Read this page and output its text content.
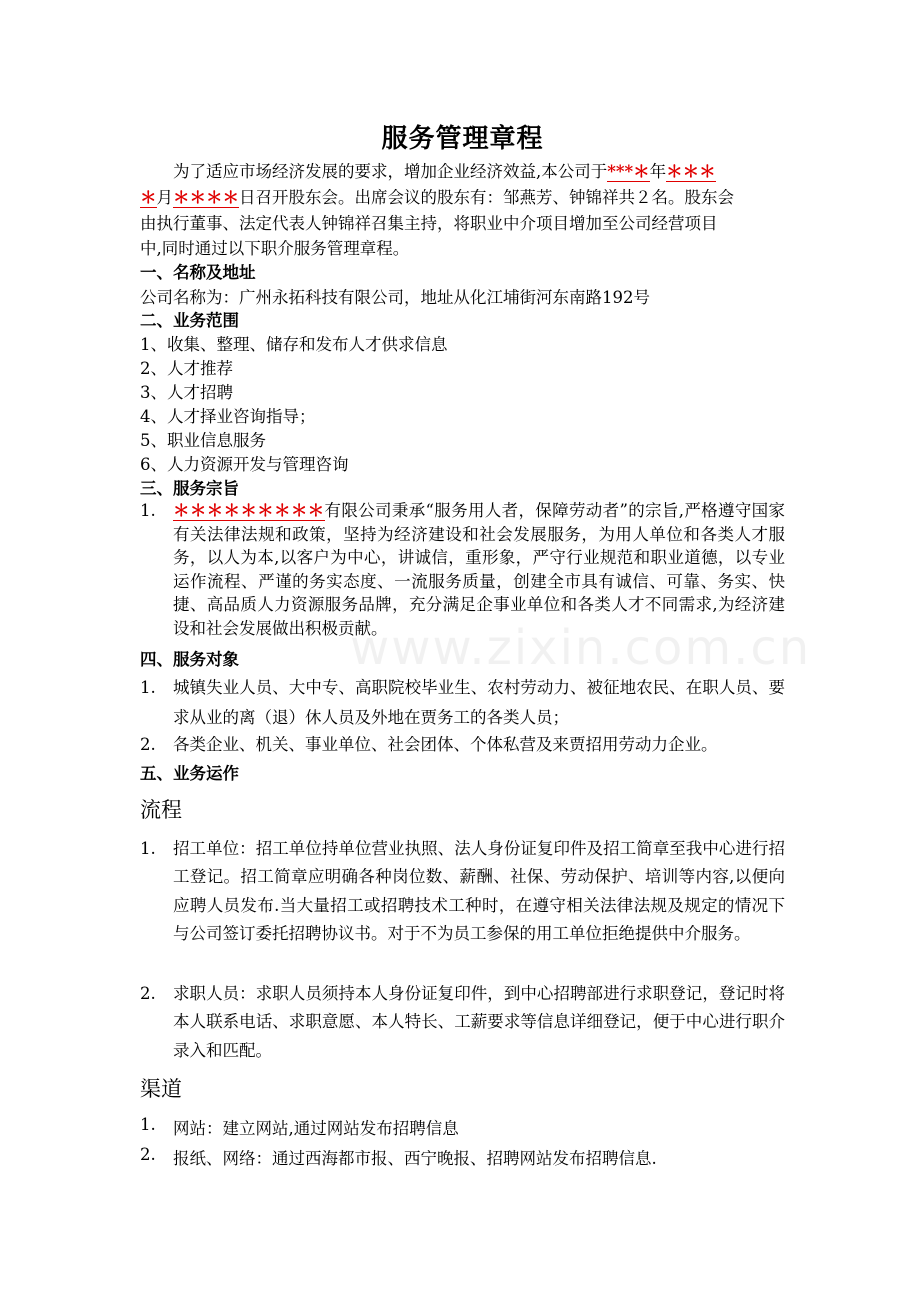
www.zixin.com.cn
服务管理章程
为了适应市场经济发展的要求，增加企业经济效益,本公司于***＊年＊＊＊
＊月＊＊＊＊日召开股东会。出席会议的股东有：邹燕芳、钟锦祥共２名。股东会
由执行董事、法定代表人钟锦祥召集主持，将职业中介项目增加至公司经营项目
中,同时通过以下职介服务管理章程。
一、名称及地址
公司名称为：广州永拓科技有限公司，地址从化江埔街河东南路192号
二、业务范围
1、收集、整理、储存和发布人才供求信息
2、人才推荐
3、人才招聘
4、人才择业咨询指导；
5、职业信息服务
6、人力资源开发与管理咨询
三、服务宗旨
1. ＊＊＊＊＊＊＊＊＊有限公司秉承“服务用人者，保障劳动者”的宗旨,严格遵守国家有关法律法规和政策，坚持为经济建设和社会发展服务，为用人单位和各类人才服务，以人为本,以客户为中心，讲诚信，重形象，严守行业规范和职业道德，以专业运作流程、严谨的务实态度、一流服务质量，创建全市具有诚信、可靠、务实、快捷、高品质人力资源服务品牌，充分满足企事业单位和各类人才不同需求,为经济建设和社会发展做出积极贡献。
四、服务对象
1. 城镇失业人员、大中专、高职院校毕业生、农村劳动力、被征地农民、在职人员、要求从业的离（退）休人员及外地在贾务工的各类人员；
2. 各类企业、机关、事业单位、社会团体、个体私营及来贾招用劳动力企业。
五、业务运作
流程
1. 招工单位：招工单位持单位营业执照、法人身份证复印件及招工简章至我中心进行招工登记。招工简章应明确各种岗位数、薪酬、社保、劳动保护、培训等内容,以便向应聘人员发布.当大量招工或招聘技术工种时，在遵守相关法律法规及规定的情况下与公司签订委托招聘协议书。对于不为员工参保的用工单位拒绝提供中介服务。
2. 求职人员：求职人员须持本人身份证复印件，到中心招聘部进行求职登记，登记时将本人联系电话、求职意愿、本人特长、工薪要求等信息详细登记，便于中心进行职介录入和匹配。
渠道
1. 网站：建立网站,通过网站发布招聘信息
2. 报纸、网络：通过西海都市报、西宁晚报、招聘网站发布招聘信息.
